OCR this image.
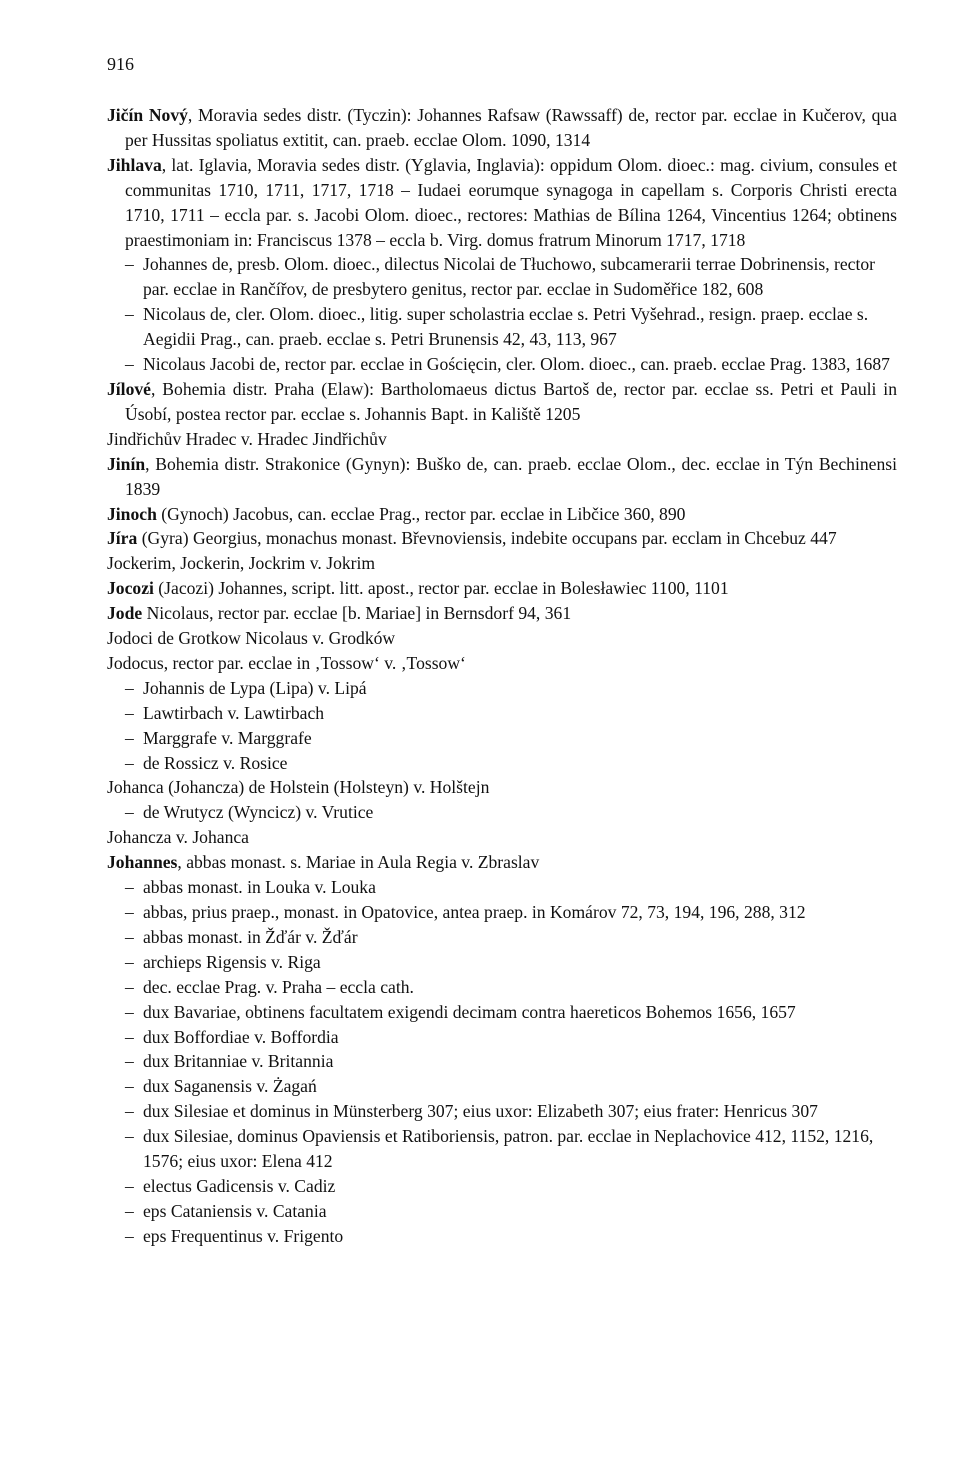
916
Jičín Nový, Moravia sedes distr. (Tyczin): Johannes Rafsaw (Rawssaff) de, rector par. ecclae in Kučerov, qua per Hussitas spoliatus extitit, can. praeb. ecclae Olom. 1090, 1314
Jihlava, lat. Iglavia, Moravia sedes distr. (Yglavia, Inglavia): oppidum Olom. dioec.: mag. civium, consules et communitas 1710, 1711, 1717, 1718 – Iudaei eorumque synagoga in capellam s. Corporis Christi erecta 1710, 1711 – eccla par. s. Jacobi Olom. dioec., rectores: Mathias de Bílina 1264, Vincentius 1264; obtinens praestimoniam in: Franciscus 1378 – eccla b. Virg. domus fratrum Minorum 1717, 1718
– Johannes de, presb. Olom. dioec., dilectus Nicolai de Tłuchowo, subcamerarii terrae Dobrinensis, rector par. ecclae in Rančířov, de presbytero genitus, rector par. ecclae in Sudoměřice 182, 608
– Nicolaus de, cler. Olom. dioec., litig. super scholastria ecclae s. Petri Vyšehrad., resign. praep. ecclae s. Aegidii Prag., can. praeb. ecclae s. Petri Brunensis 42, 43, 113, 967
– Nicolaus Jacobi de, rector par. ecclae in Gościęcin, cler. Olom. dioec., can. praeb. ecclae Prag. 1383, 1687
Jílové, Bohemia distr. Praha (Elaw): Bartholomaeus dictus Bartoš de, rector par. ecclae ss. Petri et Pauli in Úsobí, postea rector par. ecclae s. Johannis Bapt. in Kaliště 1205
Jindřichův Hradec v. Hradec Jindřichův
Jinín, Bohemia distr. Strakonice (Gynyn): Buško de, can. praeb. ecclae Olom., dec. ecclae in Týn Bechinensi 1839
Jinoch (Gynoch) Jacobus, can. ecclae Prag., rector par. ecclae in Libčice 360, 890
Jíra (Gyra) Georgius, monachus monast. Břevnoviensis, indebite occupans par. ecclam in Chcebuz 447
Jockerim, Jockerin, Jockrim v. Jokrim
Jocozi (Jacozi) Johannes, script. litt. apost., rector par. ecclae in Bolesławiec 1100, 1101
Jode Nicolaus, rector par. ecclae [b. Mariae] in Bernsdorf 94, 361
Jodoci de Grotkow Nicolaus v. Grodków
Jodocus, rector par. ecclae in ‚Tossow‘ v. ‚Tossow‘
– Johannis de Lypa (Lipa) v. Lipá
– Lawtirbach v. Lawtirbach
– Marggrafe v. Marggrafe
– de Rossicz v. Rosice
Johanca (Johancza) de Holstein (Holsteyn) v. Holštejn
– de Wrutycz (Wyncicz) v. Vrutice
Johancza v. Johanca
Johannes, abbas monast. s. Mariae in Aula Regia v. Zbraslav
– abbas monast. in Louka v. Louka
– abbas, prius praep., monast. in Opatovice, antea praep. in Komárov 72, 73, 194, 196, 288, 312
– abbas monast. in Žďár v. Žďár
– archieps Rigensis v. Riga
– dec. ecclae Prag. v. Praha – eccla cath.
– dux Bavariae, obtinens facultatem exigendi decimam contra haereticos Bohemos 1656, 1657
– dux Boffordiae v. Boffordia
– dux Britanniae v. Britannia
– dux Saganensis v. Żagań
– dux Silesiae et dominus in Münsterberg 307; eius uxor: Elizabeth 307; eius frater: Henricus 307
– dux Silesiae, dominus Opaviensis et Ratiboriensis, patron. par. ecclae in Neplachovice 412, 1152, 1216, 1576; eius uxor: Elena 412
– electus Gadicensis v. Cadiz
– eps Cataniensis v. Catania
– eps Frequentinus v. Frigento
